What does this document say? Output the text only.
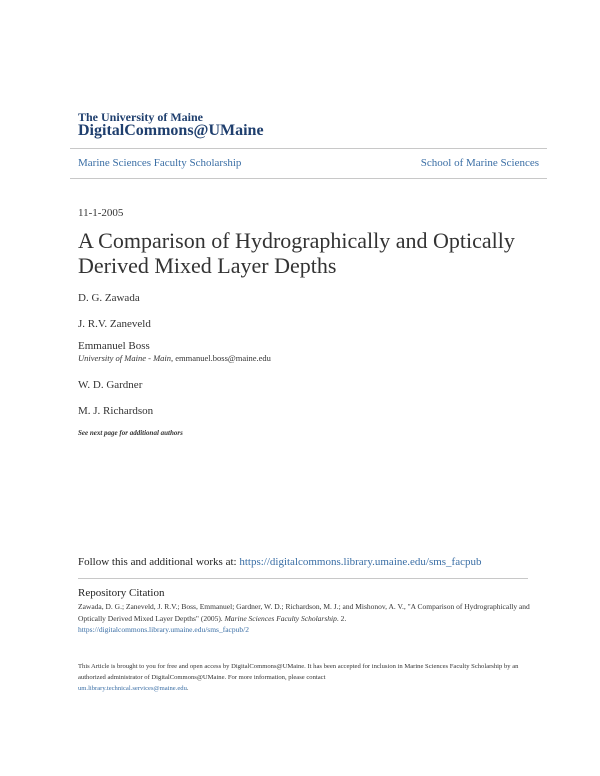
The University of Maine
DigitalCommons@UMaine
Marine Sciences Faculty Scholarship	School of Marine Sciences
11-1-2005
A Comparison of Hydrographically and Optically Derived Mixed Layer Depths
D. G. Zawada
J. R.V. Zaneveld
Emmanuel Boss
University of Maine - Main, emmanuel.boss@maine.edu
W. D. Gardner
M. J. Richardson
See next page for additional authors
Follow this and additional works at: https://digitalcommons.library.umaine.edu/sms_facpub
Repository Citation
Zawada, D. G.; Zaneveld, J. R.V.; Boss, Emmanuel; Gardner, W. D.; Richardson, M. J.; and Mishonov, A. V., "A Comparison of Hydrographically and Optically Derived Mixed Layer Depths" (2005). Marine Sciences Faculty Scholarship. 2.
https://digitalcommons.library.umaine.edu/sms_facpub/2
This Article is brought to you for free and open access by DigitalCommons@UMaine. It has been accepted for inclusion in Marine Sciences Faculty Scholarship by an authorized administrator of DigitalCommons@UMaine. For more information, please contact
um.library.technical.services@maine.edu.
